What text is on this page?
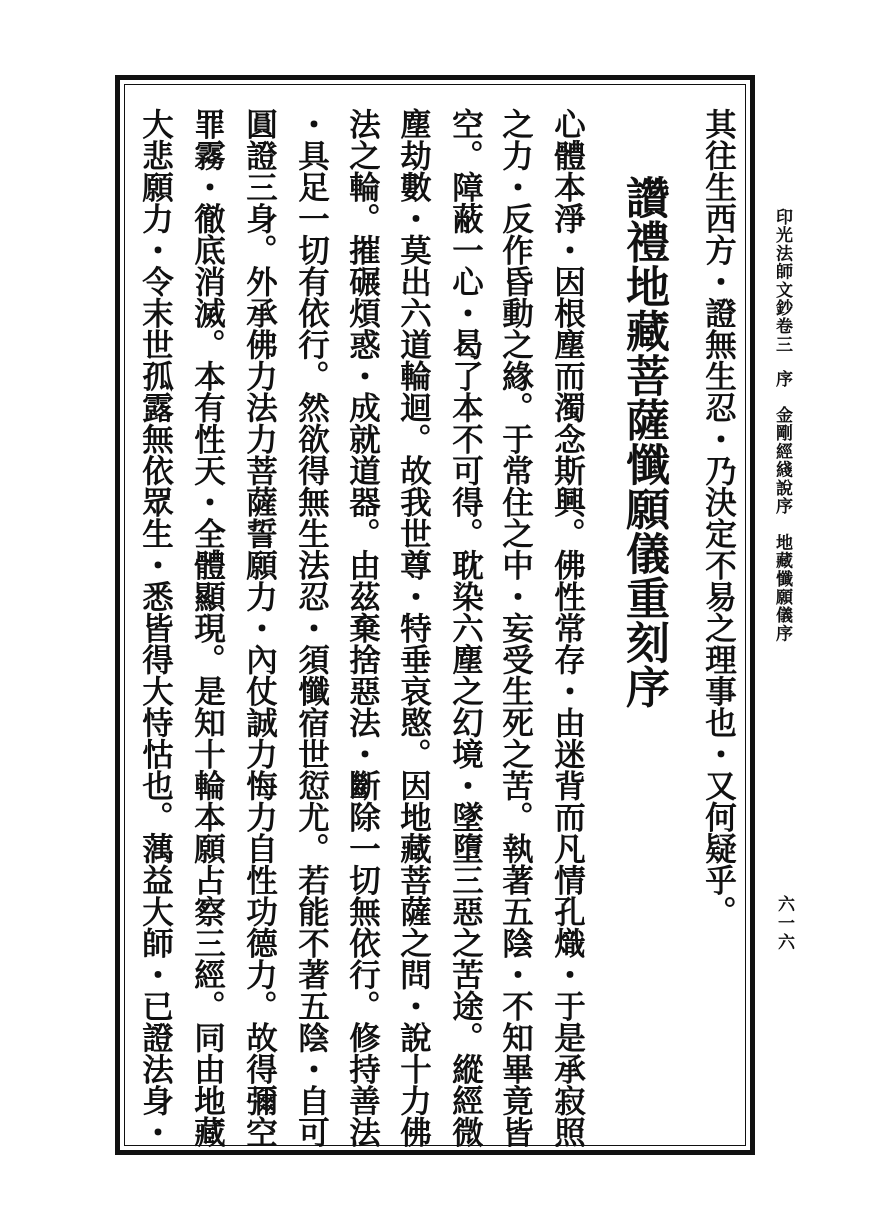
印光法師文鈔卷三序金剛經綫說序　地藏懺願儀序
六一六
其往生西方・證無生忍・乃決定不易之理事也・又何疑乎。
讚禮地藏菩薩懺願儀重刻序
心體本淨・因根塵而濁念斯興。佛性常存・由迷背而凡情孔熾・于是承寂照
之力・反作昏動之緣。于常住之中・妄受生死之苦。執著五陰・不知畢竟皆
空。障蔽一心・曷了本不可得。耽染六塵之幻境・墜墮三惡之苦途。縱經微
塵劫數・莫出六道輪迴。故我世尊・特垂哀愍。因地藏菩薩之問・說十力佛
法之輪。摧碾煩惑・成就道器。由茲棄捨惡法・斷除一切無依行。修持善法
・具足一切有依行。然欲得無生法忍・須懺宿世愆尤。若能不著五陰・自可
圓證三身。外承佛力法力菩薩誓願力・內仗誠力悔力自性功德力。故得彌空
罪霧・徹底消滅。本有性天・全體顯現。是知十輪本願占察三經。同由地藏
大悲願力・令末世孤露無依眾生・悉皆得大恃怙也。蕅益大師・已證法身・
